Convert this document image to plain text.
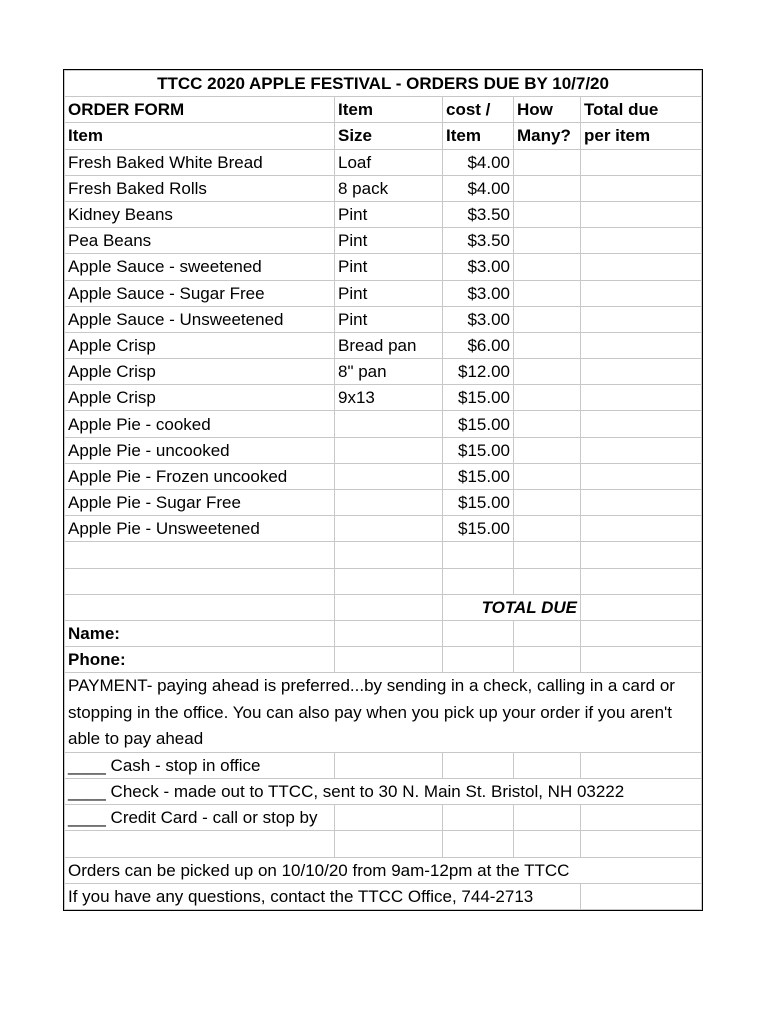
TTCC 2020 APPLE FESTIVAL - ORDERS DUE BY 10/7/20				
ORDER FORM	Item	cost /	How	Total due
Item	Size	Item	Many?	per item
Fresh Baked White Bread	Loaf	$4.00		
Fresh Baked Rolls	8 pack	$4.00		
Kidney Beans	Pint	$3.50		
Pea Beans	Pint	$3.50		
Apple Sauce - sweetened	Pint	$3.00		
Apple Sauce - Sugar Free	Pint	$3.00		
Apple Sauce - Unsweetened	Pint	$3.00		
Apple Crisp	Bread pan	$6.00		
Apple Crisp	8" pan	$12.00		
Apple Crisp	9x13	$15.00		
Apple Pie - cooked		$15.00		
Apple Pie - uncooked		$15.00		
Apple Pie - Frozen uncooked		$15.00		
Apple Pie - Sugar Free		$15.00		
Apple Pie - Unsweetened		$15.00		

		TOTAL DUE		
Name:				
Phone:				
PAYMENT- paying ahead is preferred...by sending in a check, calling in a card or stopping in the office. You can also pay when you pick up your order if you aren't able to pay ahead				
____ Cash - stop in office				
____ Check - made out to TTCC, sent to 30 N. Main St. Bristol, NH 03222				
____ Credit Card - call or stop by				

Orders can be picked up on 10/10/20 from 9am-12pm at the TTCC				
If you have any questions, contact the TTCC Office, 744-2713				
